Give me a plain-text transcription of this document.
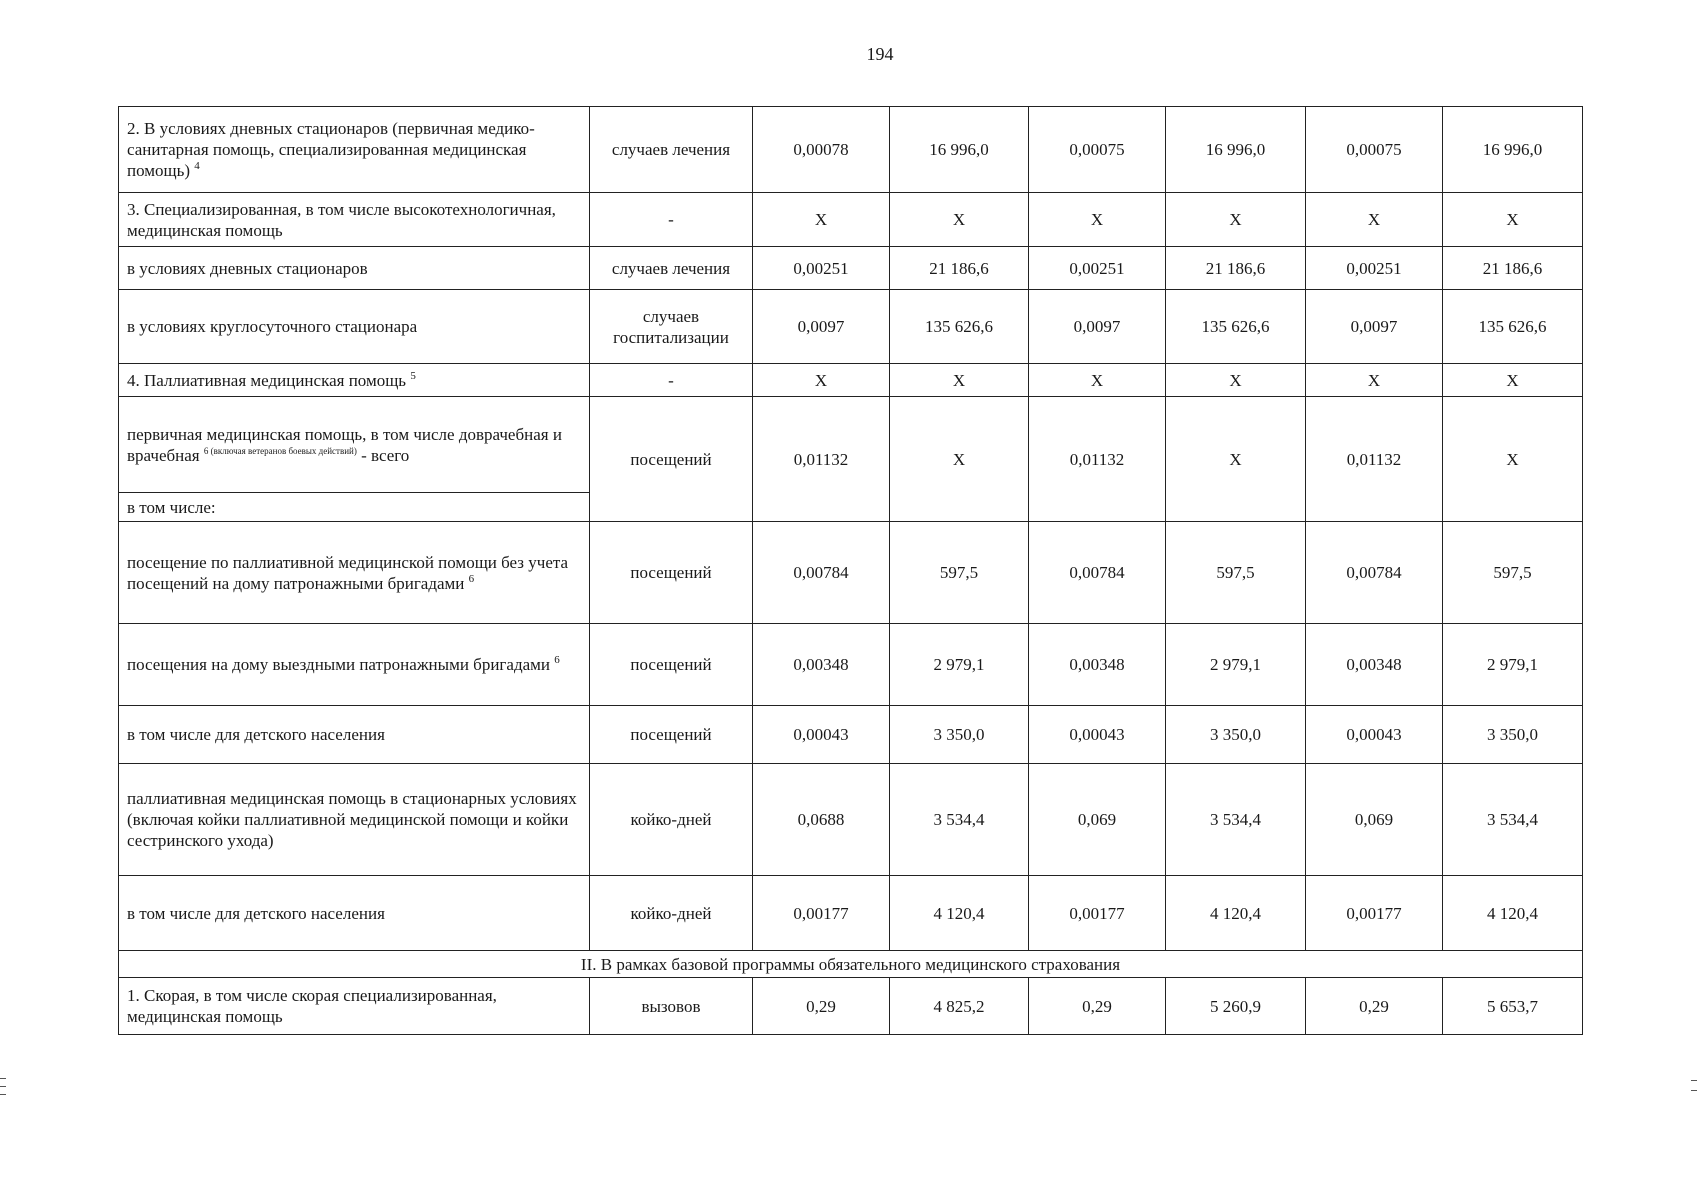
194
2. В условиях дневных стационаров (первичная медико-санитарная помощь, специализированная медицинская помощь) $^4$	случаев лечения	0,00078	16 996,0	0,00075	16 996,0	0,00075	16 996,0
3. Специализированная, в том числе высокотехнологичная, медицинская помощь	-	Х	Х	Х	Х	Х	Х
в условиях дневных стационаров	случаев лечения	0,00251	21 186,6	0,00251	21 186,6	0,00251	21 186,6
в условиях круглосуточного стационара	случаев госпитализации	0,0097	135 626,6	0,0097	135 626,6	0,0097	135 626,6
4. Паллиативная медицинская помощь $^5$	-	Х	Х	Х	Х	Х	Х
первичная медицинская помощь, в том числе доврачебная и врачебная $^{6 (включая ветеранов боевых действий)}$ - всего	посещений	0,01132	Х	0,01132	Х	0,01132	Х
в том числе:							
посещение по паллиативной медицинской помощи без учета посещений на дому патронажными бригадами $^6$	посещений	0,00784	597,5	0,00784	597,5	0,00784	597,5
посещения на дому выездными патронажными бригадами $^6$	посещений	0,00348	2 979,1	0,00348	2 979,1	0,00348	2 979,1
в том числе для детского населения	посещений	0,00043	3 350,0	0,00043	3 350,0	0,00043	3 350,0
паллиативная медицинская помощь в стационарных условиях (включая койки паллиативной медицинской помощи и койки сестринского ухода)	койко-дней	0,0688	3 534,4	0,069	3 534,4	0,069	3 534,4
в том числе для детского населения	койко-дней	0,00177	4 120,4	0,00177	4 120,4	0,00177	4 120,4
II. В рамках базовой программы обязательного медицинского страхования							
1. Скорая, в том числе скорая специализированная, медицинская помощь	вызовов	0,29	4 825,2	0,29	5 260,9	0,29	5 653,7
